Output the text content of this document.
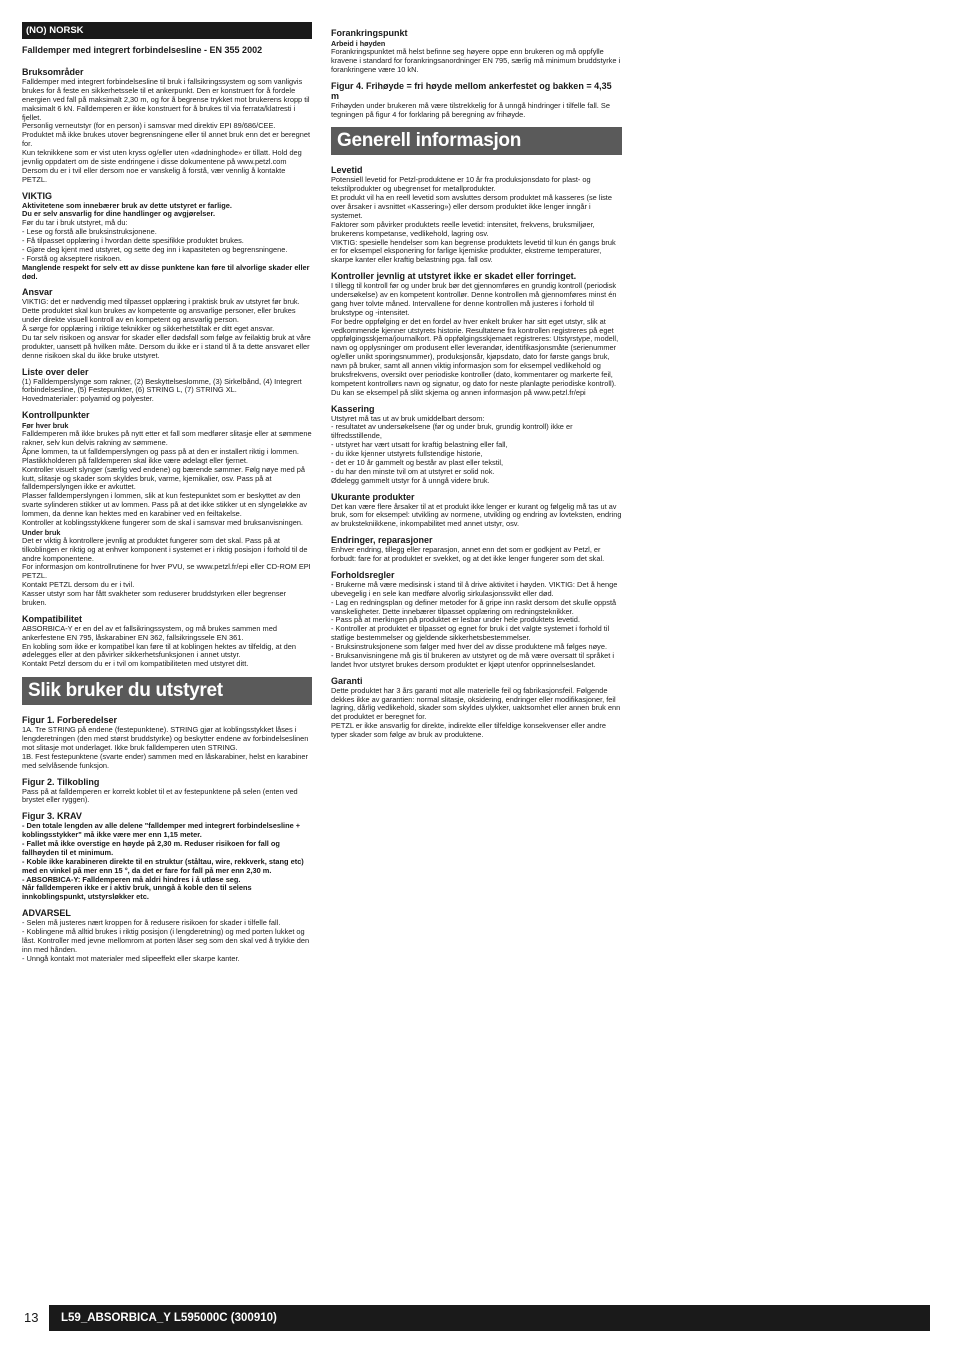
(NO) NORSK
Falldemper med integrert forbindelsesline - EN 355 2002
Bruksområder
Falldemper med integrert forbindelsesline til bruk i fallsikringssystem og som vanligvis brukes for å feste en sikkerhetssele til et ankerpunkt. Den er konstruert for å fordele energien ved fall på maksimalt 2,30 m, og for å begrense trykket mot brukerens kropp til maksimalt 6 kN. Falldemperen er ikke konstruert for å brukes til via ferrata/klatresti i fjellet.
Personlig verneutstyr (for en person) i samsvar med direktiv EPI 89/686/CEE.
Produktet må ikke brukes utover begrensningene eller til annet bruk enn det er beregnet for.
Kun teknikkene som er vist uten kryss og/eller uten «dødninghode» er tillatt. Hold deg jevnlig oppdatert om de siste endringene i disse dokumentene på www.petzl.com
Dersom du er i tvil eller dersom noe er vanskelig å forstå, vær vennlig å kontakte PETZL.
VIKTIG
Aktivitetene som innebærer bruk av dette utstyret er farlige.
Du er selv ansvarlig for dine handlinger og avgjørelser.
Før du tar i bruk utstyret, må du:
- Lese og forstå alle bruksinstruksjonene.
- Få tilpasset opplæring i hvordan dette spesifikke produktet brukes.
- Gjøre deg kjent med utstyret, og sette deg inn i kapasiteten og begrensningene.
- Forstå og akseptere risikoen.
Manglende respekt for selv ett av disse punktene kan føre til alvorlige skader eller død.
Ansvar
VIKTIG: det er nødvendig med tilpasset opplæring i praktisk bruk av utstyret før bruk.
Dette produktet skal kun brukes av kompetente og ansvarlige personer, eller brukes under direkte visuell kontroll av en kompetent og ansvarlig person.
Å sørge for opplæring i riktige teknikker og sikkerhetstiltak er ditt eget ansvar.
Du tar selv risikoen og ansvar for skader eller dødsfall som følge av feilaktig bruk at våre produkter, uansett på hvilken måte. Dersom du ikke er i stand til å ta dette ansvaret eller denne risikoen skal du ikke bruke utstyret.
Liste over deler
(1) Falldemperslynge som rakner, (2) Beskyttelseslomme, (3) Sirkelbånd, (4) Integrert forbindelsesline, (5) Festepunkter, (6) STRING L, (7) STRING XL.
Hovedmaterialer: polyamid og polyester.
Kontrollpunkter
Før hver bruk
Falldemperen må ikke brukes på nytt etter et fall som medfører slitasje eller at sømmene rakner, selv kun delvis rakning av sømmene.
Åpne lommen, ta ut falldemperslyngen og pass på at den er installert riktig i lommen. Plastikkholderen på falldemperen skal ikke være ødelagt eller fjernet.
Kontroller visuelt slynger (særlig ved endene) og bærende sømmer. Følg nøye med på kutt, slitasje og skader som skyldes bruk, varme, kjemikalier, osv. Pass på at falldemperslyngen ikke er avkuttet.
Plasser falldemperslyngen i lommen, slik at kun festepunktet som er beskyttet av den svarte sylinderen stikker ut av lommen. Pass på at det ikke stikker ut en slyngeløkke av lommen, da denne kan hektes med en karabiner ved en feiltakelse.
Kontroller at koblingsstykkene fungerer som de skal i samsvar med bruksanvisningen.
Under bruk
Det er viktig å kontrollere jevnlig at produktet fungerer som det skal. Pass på at tilkoblingen er riktig og at enhver komponent i systemet er i riktig posisjon i forhold til de andre komponentene.
For informasjon om kontrollrutinene for hver PVU, se www.petzl.fr/epi eller CD-ROM EPI PETZL.
Kontakt PETZL dersom du er i tvil.
Kasser utstyr som har fått svakheter som reduserer bruddstyrken eller begrenser bruken.
Kompatibilitet
ABSORBICA-Y er en del av et fallsikringssystem, og må brukes sammen med ankerfestene EN 795, låskarabiner EN 362, fallsikringssele EN 361.
En kobling som ikke er kompatibel kan føre til at koblingen hektes av tilfeldig, at den ødelegges eller at den påvirker sikkerhetsfunksjonen i annet utstyr.
Kontakt Petzl dersom du er i tvil om kompatibiliteten med utstyret ditt.
Slik bruker du utstyret
Figur 1. Forberedelser
1A. Tre STRING på endene (festepunktene). STRING gjør at koblingsstykket låses i lengderetningen (den med størst bruddstyrke) og beskytter endene av forbindelseslinen mot slitasje mot underlaget. Ikke bruk falldemperen uten STRING.
1B. Fest festepunktene (svarte ender) sammen med en låskarabiner, helst en karabiner med selvlåsende funksjon.
Figur 2. Tilkobling
Pass på at falldemperen er korrekt koblet til et av festepunktene på selen (enten ved brystet eller ryggen).
Figur 3. KRAV
- Den totale lengden av alle delene "falldemper med integrert forbindelsesline + koblingsstykker" må ikke være mer enn 1,15 meter.
- Fallet må ikke overstige en høyde på 2,30 m. Reduser risikoen for fall og fallhøyden til et minimum.
- Koble ikke karabineren direkte til en struktur (ståltau, wire, rekkverk, stang etc) med en vinkel på mer enn 15 °, da det er fare for fall på mer enn 2,30 m.
- ABSORBICA-Y: Falldemperen må aldri hindres i å utløse seg.
Når falldemperen ikke er i aktiv bruk, unngå å koble den til selens innkoblingspunkt, utstyrsløkker etc.
ADVARSEL
- Selen må justeres nært kroppen for å redusere risikoen for skader i tilfelle fall.
- Koblingene må alltid brukes i riktig posisjon (i lengderetning) og med porten lukket og låst. Kontroller med jevne mellomrom at porten låser seg som den skal ved å trykke den inn med hånden.
- Unngå kontakt mot materialer med slipeeffekt eller skarpe kanter.
Forankringspunkt
Arbeid i høyden
Forankringspunktet må helst befinne seg høyere oppe enn brukeren og må oppfylle kravene i standard for forankringsanordninger EN 795, særlig må minimum bruddstyrke i forankringene være 10 kN.
Figur 4. Frihøyde = fri høyde mellom ankerfestet og bakken = 4,35 m
Frihøyden under brukeren må være tilstrekkelig for å unngå hindringer i tilfelle fall. Se tegningen på figur 4 for forklaring på beregning av frihøyde.
Generell informasjon
Levetid
Potensiell levetid for Petzl-produktene er 10 år fra produksjonsdato for plast- og tekstilprodukter og ubegrenset for metallprodukter.
Et produkt vil ha en reell levetid som avsluttes dersom produktet må kasseres (se liste over årsaker i avsnittet «Kassering») eller dersom produktet ikke lenger inngår i systemet.
Faktorer som påvirker produktets reelle levetid: intensitet, frekvens, bruksmiljøer, brukerens kompetanse, vedlikehold, lagring osv.
VIKTIG: spesielle hendelser som kan begrense produktets levetid til kun én gangs bruk er for eksempel eksponering for farlige kjemiske produkter, ekstreme temperaturer, skarpe kanter eller kraftig belastning pga. fall osv.
Kontroller jevnlig at utstyret ikke er skadet eller forringet.
I tillegg til kontroll før og under bruk bør det gjennomføres en grundig kontroll (periodisk undersøkelse) av en kompetent kontrollør. Denne kontrollen må gjennomføres minst én gang hver tolvte måned. Intervallene for denne kontrollen må justeres i forhold til brukstype og -intensitet.
For bedre oppfølging er det en fordel av hver enkelt bruker har sitt eget utstyr, slik at vedkommende kjenner utstyrets historie. Resultatene fra kontrollen registreres på eget oppfølgingsskjema/journalkort. På oppfølgingsskjemaet registreres: Utstyrstype, modell, navn og opplysninger om produsent eller leverandør, identifikasjonsmåte (serienummer og/eller unikt sporingsnummer), produksjonsår, kjøpsdato, dato for første gangs bruk, navn på bruker, samt all annen viktig informasjon som for eksempel vedlikehold og bruksfrekvens, oversikt over periodiske kontroller (dato, kommentarer og markerte feil, kompetent kontrollørs navn og signatur, og dato for neste planlagte periodiske kontroll). Du kan se eksempel på slikt skjema og annen informasjon på www.petzl.fr/epi
Kassering
Utstyret må tas ut av bruk umiddelbart dersom:
- resultatet av undersøkelsene (før og under bruk, grundig kontroll) ikke er tilfredsstillende,
- utstyret har vært utsatt for kraftig belastning eller fall,
- du ikke kjenner utstyrets fullstendige historie,
- det er 10 år gammelt og består av plast eller tekstil,
- du har den minste tvil om at utstyret er solid nok.
Ødelegg gammelt utstyr for å unngå videre bruk.
Ukurante produkter
Det kan være flere årsaker til at et produkt ikke lenger er kurant og følgelig må tas ut av bruk, som for eksempel: utvikling av normene, utvikling og endring av lovteksten, endring av brukstekniikkene, inkompabilitet med annet utstyr, osv.
Endringer, reparasjoner
Enhver endring, tillegg eller reparasjon, annet enn det som er godkjent av Petzl, er forbudt: fare for at produktet er svekket, og at det ikke lenger fungerer som det skal.
Forholdsregler
- Brukerne må være medisinsk i stand til å drive aktivitet i høyden. VIKTIG: Det å henge ubevegelig i en sele kan medføre alvorlig sirkulasjonssvikt eller død.
- Lag en redningsplan og definer metoder for å gripe inn raskt dersom det skulle oppstå vanskeligheter. Dette innebærer tilpasset opplæring om redningsteknikker.
- Pass på at merkingen på produktet er lesbar under hele produktets levetid.
- Kontroller at produktet er tilpasset og egnet for bruk i det valgte systemet i forhold til statlige bestemmelser og gjeldende sikkerhetsbestemmelser.
- Bruksinstruksjonene som følger med hver del av disse produktene må følges nøye.
- Bruksanvisningene må gis til brukeren av utstyret og de må være oversatt til språket i landet hvor utstyret brukes dersom produktet er kjøpt utenfor opprinnelseslandet.
Garanti
Dette produktet har 3 års garanti mot alle materielle feil og fabrikasjonsfeil. Følgende dekkes ikke av garantien: normal slitasje, oksidering, endringer eller modifikasjoner, feil lagring, dårlig vedlikehold, skader som skyldes ulykker, uaktsomhet eller annen bruk enn det produktet er beregnet for.
PETZL er ikke ansvarlig for direkte, indirekte eller tilfeldige konsekvenser eller andre typer skader som følge av bruk av produktene.
13	L59_ABSORBICA_Y L595000C (300910)
